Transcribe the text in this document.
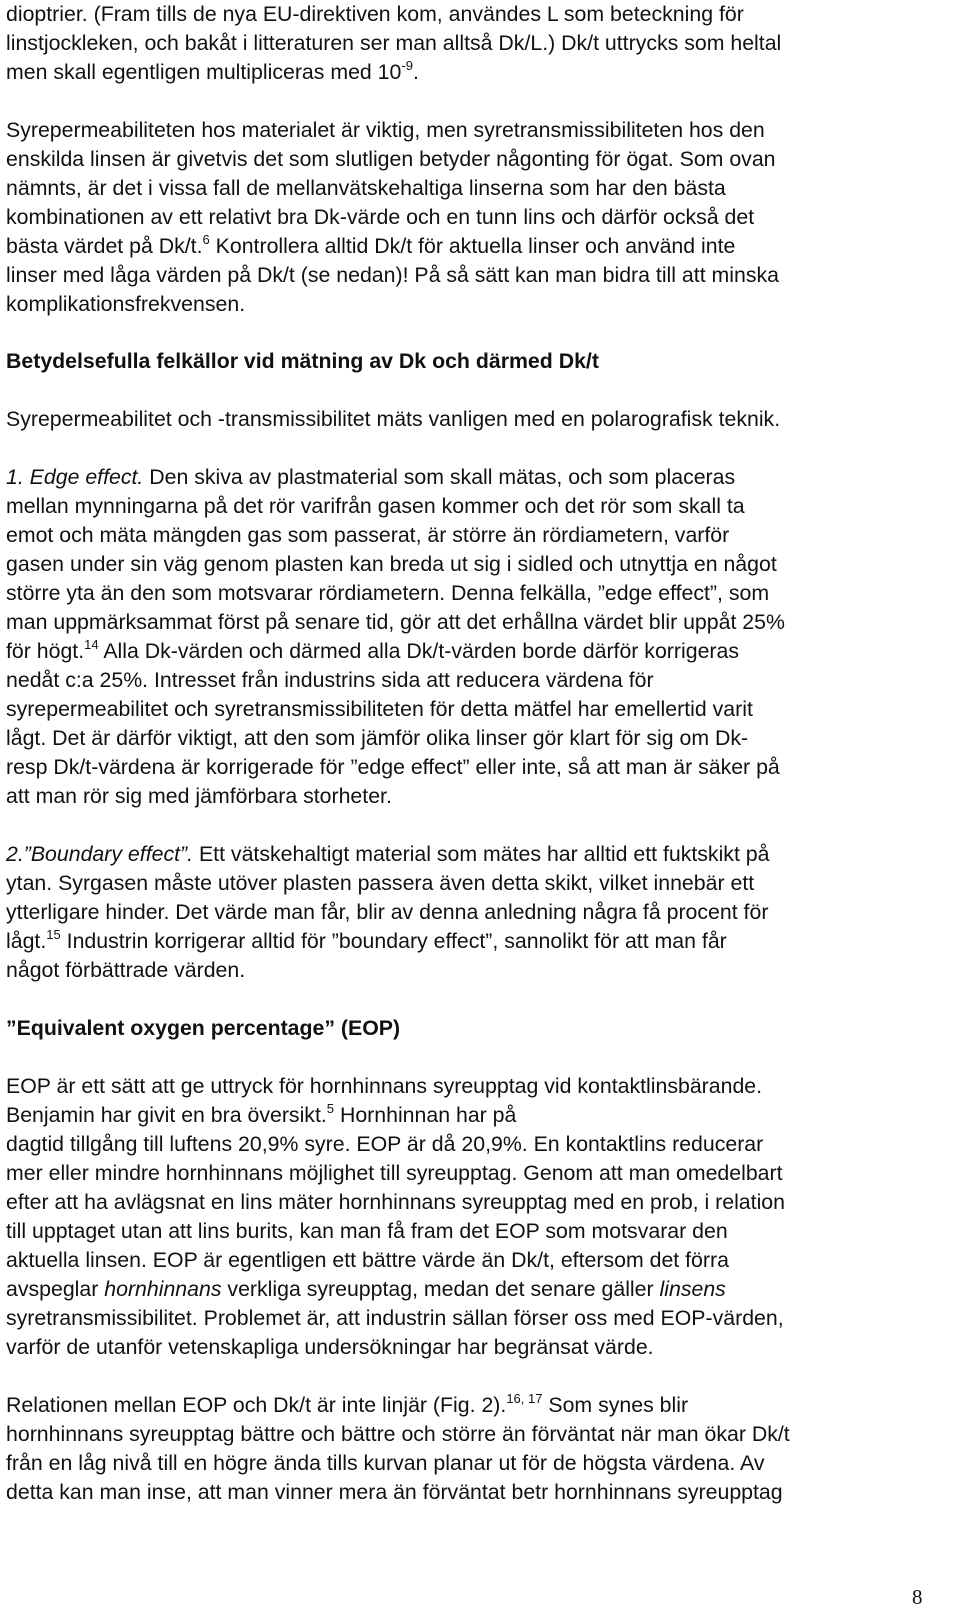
dioptrier. (Fram tills de nya EU-direktiven kom, användes L som beteckning för
linstjockleken, och bakåt i litteraturen ser man alltså Dk/L.) Dk/t uttrycks som heltal
men skall egentligen multipliceras med $10^{-9}$.
Syrepermeabiliteten hos materialet är viktig, men syretransmissibiliteten hos den
enskilda linsen är givetvis det som slutligen betyder någonting för ögat. Som ovan
nämnts, är det i vissa fall de mellanvätskehaltiga linserna som har den bästa
kombinationen av ett relativt bra Dk-värde och en tunn lins och därför också det
bästa värdet på Dk/t.$^6$ Kontrollera alltid Dk/t för aktuella linser och använd inte
linser med låga värden på Dk/t (se nedan)! På så sätt kan man bidra till att minska
komplikationsfrekvensen.
Betydelsefulla felkällor vid mätning av Dk och därmed Dk/t
Syrepermeabilitet och -transmissibilitet mäts vanligen med en polarografisk teknik.
1. Edge effect. Den skiva av plastmaterial som skall mätas, och som placeras
mellan mynningarna på det rör varifrån gasen kommer och det rör som skall ta
emot och mäta mängden gas som passerat, är större än rördiametern, varför
gasen under sin väg genom plasten kan breda ut sig i sidled och utnyttja en något
större yta än den som motsvarar rördiametern. Denna felkälla, ”edge effect”, som
man uppmärksammat först på senare tid, gör att det erhållna värdet blir uppåt 25%
för högt.$^{14}$ Alla Dk-värden och därmed alla Dk/t-värden borde därför korrigeras
nedåt c:a 25%. Intresset från industrins sida att reducera värdena för
syrepermeabilitet och syretransmissibiliteten för detta mätfel har emellertid varit
lågt. Det är därför viktigt, att den som jämför olika linser gör klart för sig om Dk-
resp Dk/t-värdena är korrigerade för ”edge effect” eller inte, så att man är säker på
att man rör sig med jämförbara storheter.
2.”Boundary effect”. Ett vätskehaltigt material som mätes har alltid ett fuktskikt på
ytan. Syrgasen måste utöver plasten passera även detta skikt, vilket innebär ett
ytterligare hinder. Det värde man får, blir av denna anledning några få procent för
lågt.$^{15}$ Industrin korrigerar alltid för ”boundary effect”, sannolikt för att man får
något förbättrade värden.
”Equivalent oxygen percentage” (EOP)
EOP är ett sätt att ge uttryck för hornhinnans syreupptag vid kontaktlinsbärande.
Benjamin har givit en bra översikt.$^5$ Hornhinnan har på
dagtid tillgång till luftens 20,9% syre. EOP är då 20,9%. En kontaktlins reducerar
mer eller mindre hornhinnans möjlighet till syreupptag. Genom att man omedelbart
efter att ha avlägsnat en lins mäter hornhinnans syreupptag med en prob, i relation
till upptaget utan att lins burits, kan man få fram det EOP som motsvarar den
aktuella linsen. EOP är egentligen ett bättre värde än Dk/t, eftersom det förra
avspeglar hornhinnans verkliga syreupptag, medan det senare gäller linsens
syretransmissibilitet. Problemet är, att industrin sällan förser oss med EOP-värden,
varför de utanför vetenskapliga undersökningar har begränsat värde.
Relationen mellan EOP och Dk/t är inte linjär (Fig. 2).$^{16, 17}$ Som synes blir
hornhinnans syreupptag bättre och bättre och större än förväntat när man ökar Dk/t
från en låg nivå till en högre ända tills kurvan planar ut för de högsta värdena. Av
detta kan man inse, att man vinner mera än förväntat betr hornhinnans syreupptag
8
